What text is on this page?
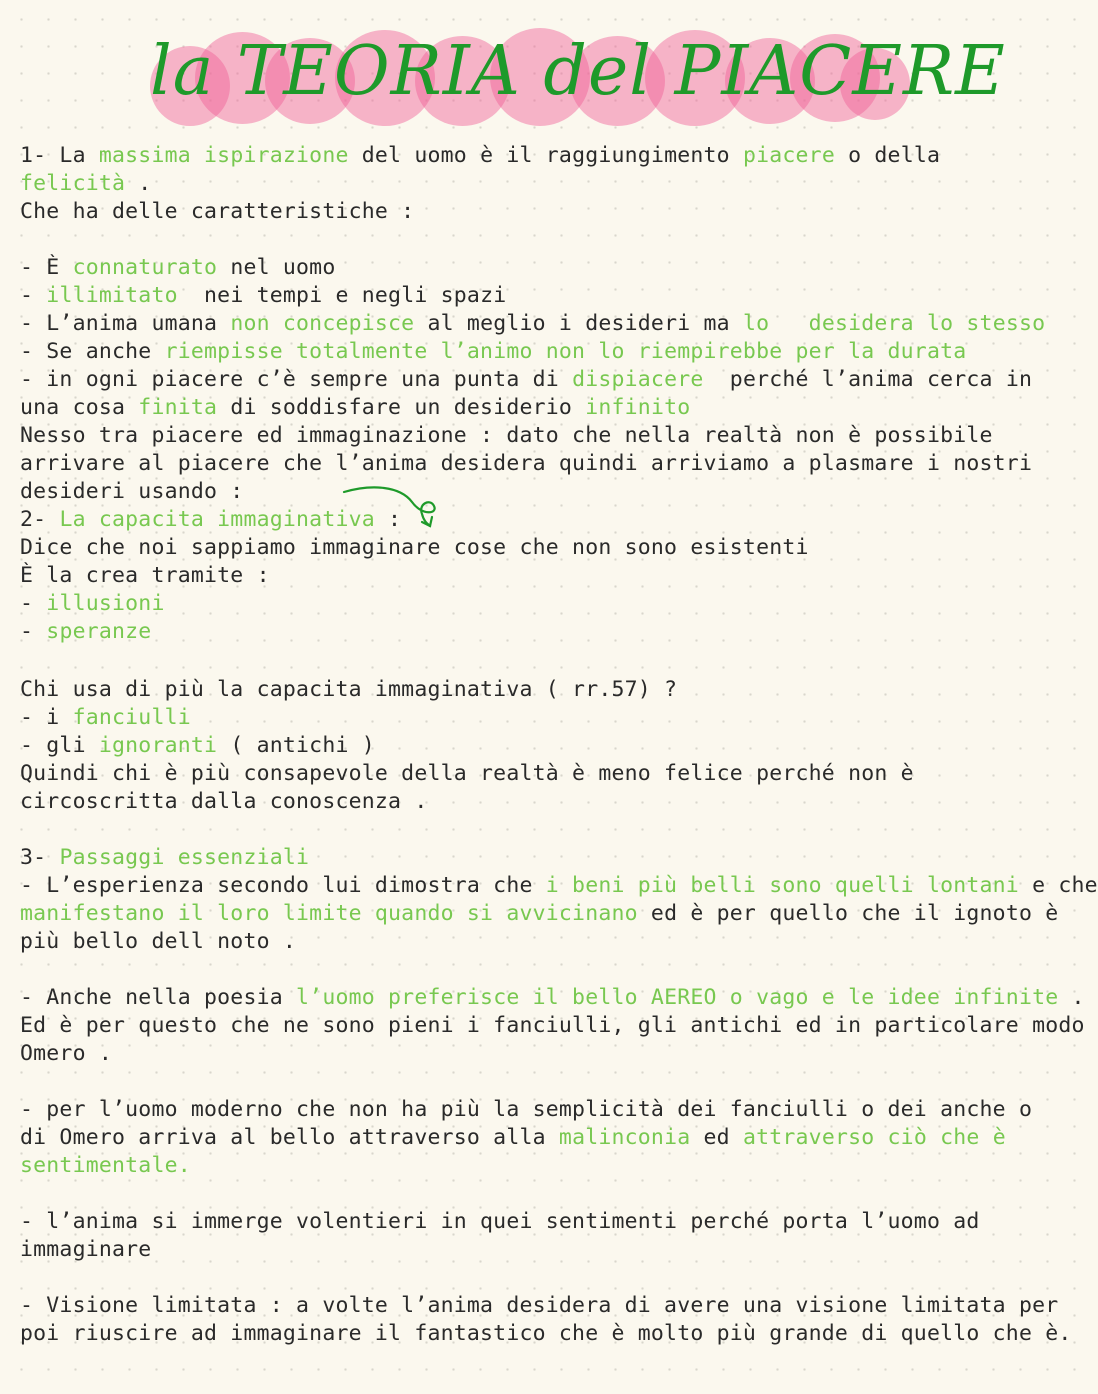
la TEORIA del PIACERE
1- La massima ispirazione del uomo è il raggiungimento piacere o della
felicità .
Che ha delle caratteristiche :
- È connaturato nel uomo
- illimitato  nei tempi e negli spazi
- L’anima umana non concepisce al meglio i desideri ma lo   desidera lo stesso
- Se anche riempisse totalmente l’animo non lo riempirebbe per la durata
- in ogni piacere c’è sempre una punta di dispiacere  perché l’anima cerca in
una cosa finita di soddisfare un desiderio infinito
Nesso tra piacere ed immaginazione : dato che nella realtà non è possibile
arrivare al piacere che l’anima desidera quindi arriviamo a plasmare i nostri
desideri usando :
2- La capacita immaginativa :
Dice che noi sappiamo immaginare cose che non sono esistenti
È la crea tramite :
- illusioni
- speranze
Chi usa di più la capacita immaginativa ( rr.57) ?
- i fanciulli
- gli ignoranti ( antichi )
Quindi chi è più consapevole della realtà è meno felice perché non è
circoscritta dalla conoscenza .
3- Passaggi essenziali
- L’esperienza secondo lui dimostra che i beni più belli sono quelli lontani e che
manifestano il loro limite quando si avvicinano ed è per quello che il ignoto è
più bello dell noto .
- Anche nella poesia l’uomo preferisce il bello AEREO o vago e le idee infinite .
Ed è per questo che ne sono pieni i fanciulli, gli antichi ed in particolare modo
Omero .
- per l’uomo moderno che non ha più la semplicità dei fanciulli o dei anche o
di Omero arriva al bello attraverso alla malinconia ed attraverso ciò che è
sentimentale.
- l’anima si immerge volentieri in quei sentimenti perché porta l’uomo ad
immaginare
- Visione limitata : a volte l’anima desidera di avere una visione limitata per
poi riuscire ad immaginare il fantastico che è molto più grande di quello che è.
